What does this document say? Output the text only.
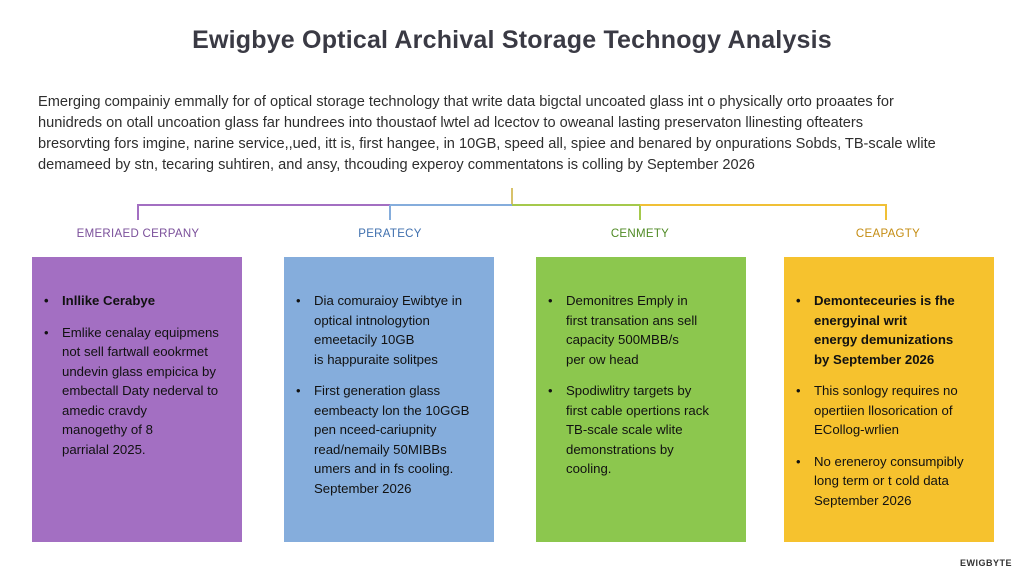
Ewigbye Optical Archival Storage Technogy Analysis
Emerging compainiy emmally for of optical storage technology that write data bigctal uncoated glass int o physically orto proaates for
hunidreds on otall uncoation glass far hundrees into thoustaof lwtel ad lcectov to oweanal lasting preservaton llinesting ofteaters
bresorvting fors imgine, narine service,,ued, itt is, first hangee, in 10GB, speed all, spiee and benared by onpurations Sobds, TB-scale wlite
demameed by stn, tecaring suhtiren, and ansy, thcouding experoy commentatons is colling by September 2026
EMERIAED CERPANY	PERATECY	CENMETY	CEAPAGTY
• Inllike Cerabye
• Emlike cenalay equipmens
not sell fartwall eookrmet
undevin glass empicica by
embectall Daty nederval to
amedic cravdy
manogethy of 8
parrialal 2025.
• Dia comuraioy Ewibtye in
optical intnologytion
emeetacily 10GB
is happuraite solitpes
• First generation glass
eembeacty lon the 10GGB
pen nceed-cariupnity
read/nemaily 50MIBBs
umers and in fs cooling.
September 2026
• Demonitres Emply in
first transation ans sell
capacity 500MBB/s
per ow head
• Spodiwlitry targets by
first cable opertions rack
TB-scale scale wlite
demonstrations by
cooling.
• Demonteceuries is fhe
energyinal writ
energy demunizations
by September 2026
• This sonlogy requires no
opertiien llosorication of
ECollog-wrlien
• No ereneroy consumpibly
long term or t cold data
September 2026
EWIGBYTE
